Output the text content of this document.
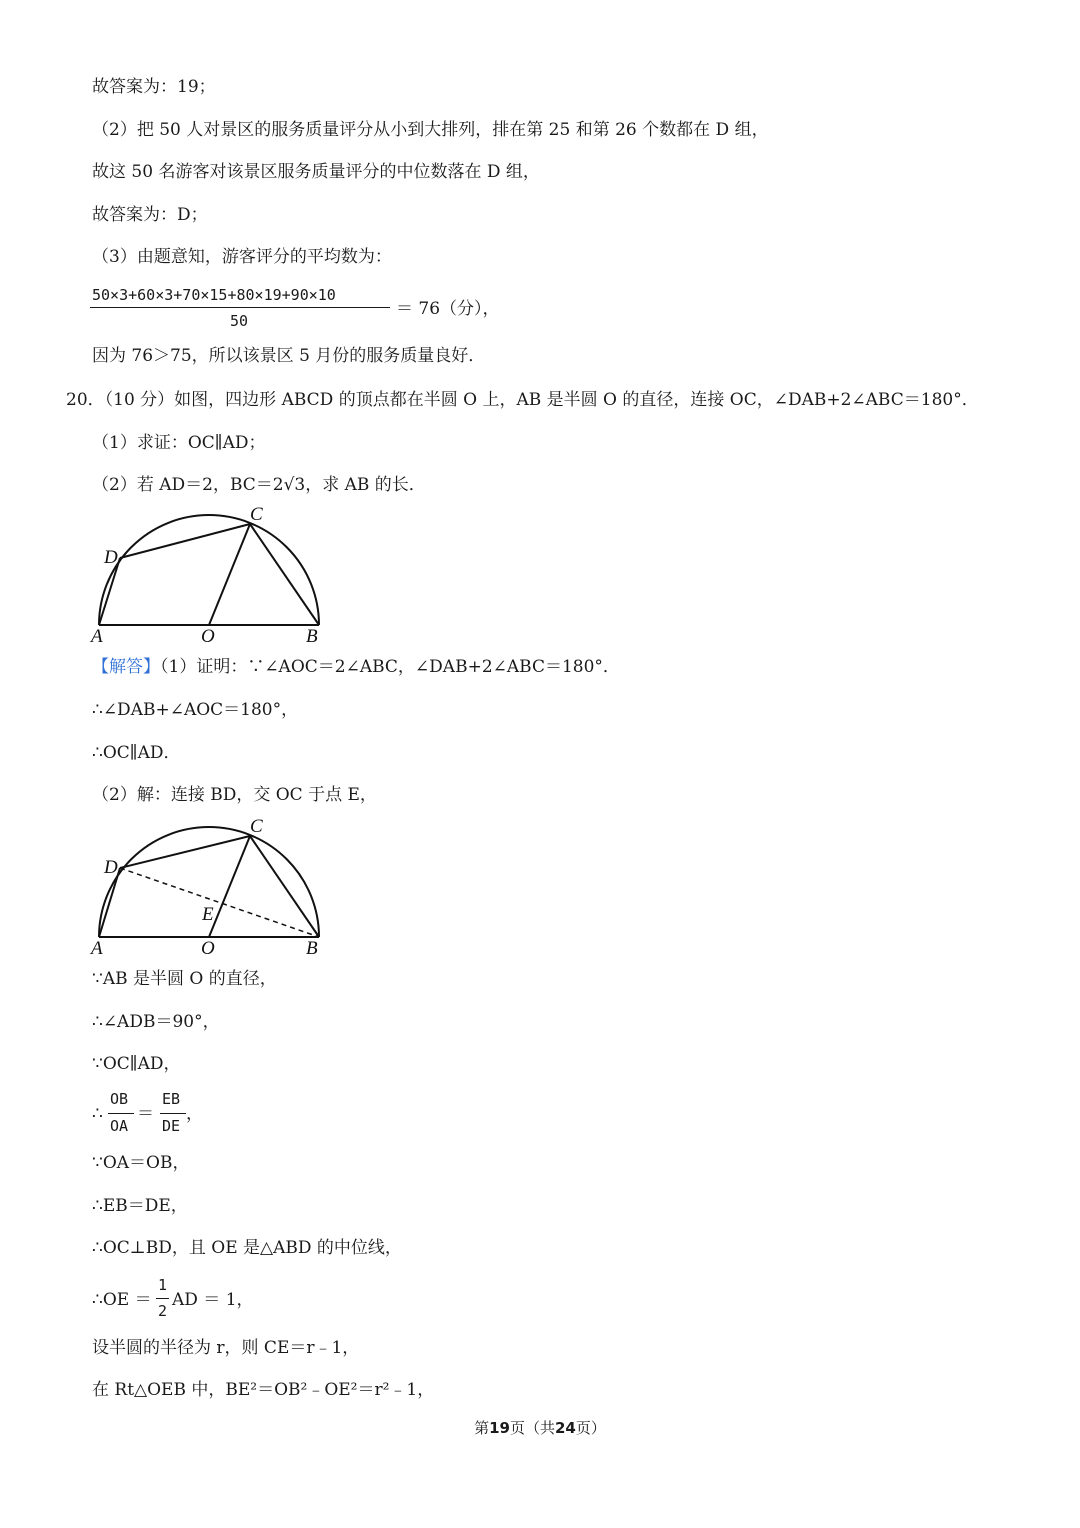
故答案为：19；
（2）把 50 人对景区的服务质量评分从小到大排列，排在第 25 和第 26 个数都在 D 组，
故这 50 名游客对该景区服务质量评分的中位数落在 D 组，
故答案为：D；
（3）由题意知，游客评分的平均数为：
50×3+60×3+70×15+80×19+90×10
50
＝ 76（分），
因为 76＞75，所以该景区 5 月份的服务质量良好．
20．（10 分）如图，四边形 ABCD 的顶点都在半圆 O 上，AB 是半圆 O 的直径，连接 OC，∠DAB+2∠ABC＝180°．
（1）求证：OC∥AD；
（2）若 AD＝2，BC＝2√3，求 AB 的长．
C
D
A	O	B
【解答】（1）证明：∵∠AOC＝2∠ABC，∠DAB+2∠ABC＝180°．
∴∠DAB+∠AOC＝180°，
∴OC∥AD．
（2）解：连接 BD，交 OC 于点 E，
C
D
E
A	O	B
∵AB 是半圆 O 的直径，
∴∠ADB＝90°，
∵OC∥AD，
∴
OB
OA
＝
EB
DE
，
∵OA＝OB，
∴EB＝DE，
∴OC⊥BD，且 OE 是△ABD 的中位线，
∴OE ＝
1
2
AD ＝ 1，
设半圆的半径为 r，则 CE＝r﹣1，
在 Rt△OEB 中，BE²＝OB²﹣OE²＝r²﹣1，
第19页（共24页）
